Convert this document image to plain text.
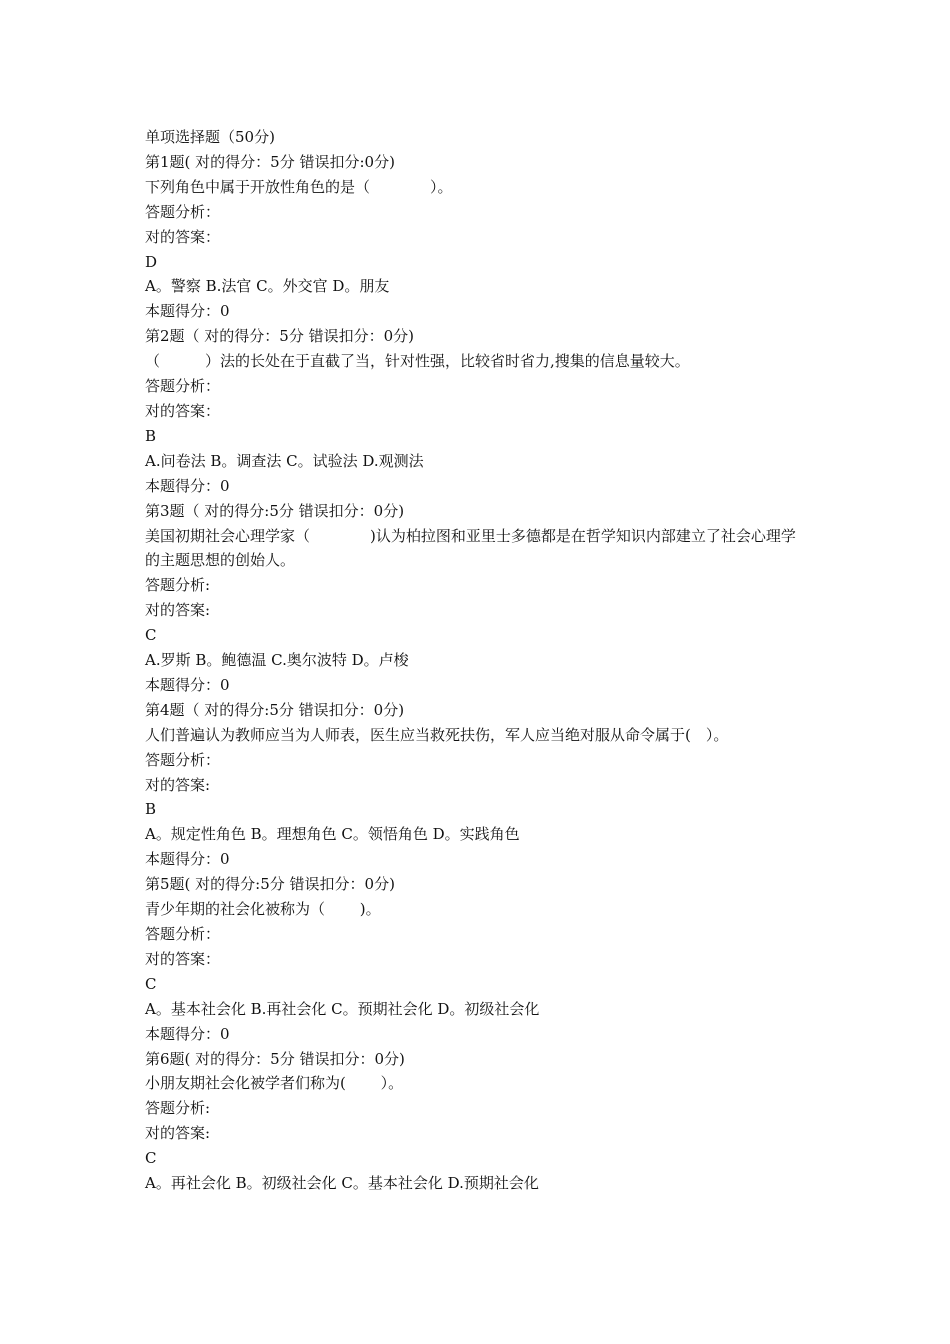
单项选择题（50分)
第1题( 对的得分：5分 错误扣分:0分)
下列角色中属于开放性角色的是（　　　　）。
答题分析：
对的答案：
D
A。警察 B.法官 C。外交官 D。朋友
本题得分：0
第2题（ 对的得分：5分 错误扣分：0分)
（　　　）法的长处在于直截了当，针对性强，比较省时省力,搜集的信息量较大。
答题分析：
对的答案：
B
A.问卷法 B。调查法 C。试验法 D.观测法
本题得分：0
第3题（ 对的得分:5分 错误扣分：0分)
美国初期社会心理学家（　　　　)认为柏拉图和亚里士多德都是在哲学知识内部建立了社会心理学的主题思想的创始人。
答题分析:
对的答案:
C
A.罗斯 B。鲍德温 C.奥尔波特 D。卢梭
本题得分：0
第4题（ 对的得分:5分 错误扣分：0分)
人们普遍认为教师应当为人师表，医生应当救死扶伤，军人应当绝对服从命令属于(　）。
答题分析：
对的答案:
B
A。规定性角色 B。理想角色 C。领悟角色 D。实践角色
本题得分：0
第5题( 对的得分:5分 错误扣分：0分)
青少年期的社会化被称为（　　 )。
答题分析：
对的答案：
C
A。基本社会化 B.再社会化 C。预期社会化 D。初级社会化
本题得分：0
第6题( 对的得分：5分 错误扣分：0分)
小朋友期社会化被学者们称为(　　 ）。
答题分析:
对的答案:
C
A。再社会化 B。初级社会化 C。基本社会化 D.预期社会化
